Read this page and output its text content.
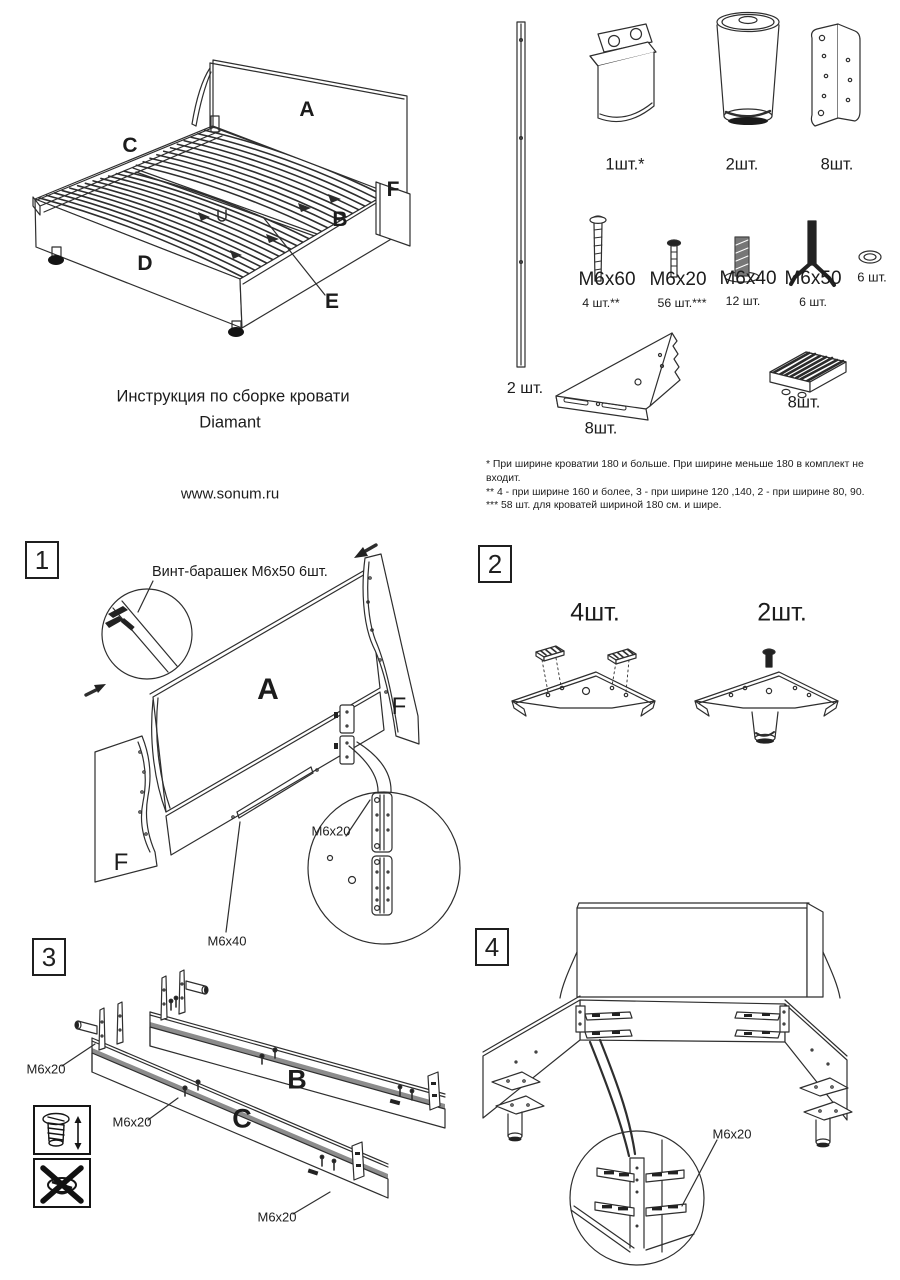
A
C
F
B
D
E
Инструкция по сборке кровати
Diamant
www.sonum.ru
1шт.*	2шт.	8шт.
M6x60 M6x20 M6x40 M6x50 6 шт.
4 шт.**	56 шт.*** 12 шт.	6 шт.
2 шт.
8шт.
8шт.
* При ширине кроватии 180 и больше. При ширине меньше 180 в комплект не входит.
** 4 - при ширине 160 и более, 3 - при ширине 120 ,140, 2 - при ширине 80, 90.
*** 58 шт. для кроватей шириной 180 см. и шире.
1	2
3	4
Винт-барашек М6х50 6шт.
A
F
F
M6x20
M6x40
4шт.	2шт.
B
C
M6x20
M6x20
M6x20
M6x20
